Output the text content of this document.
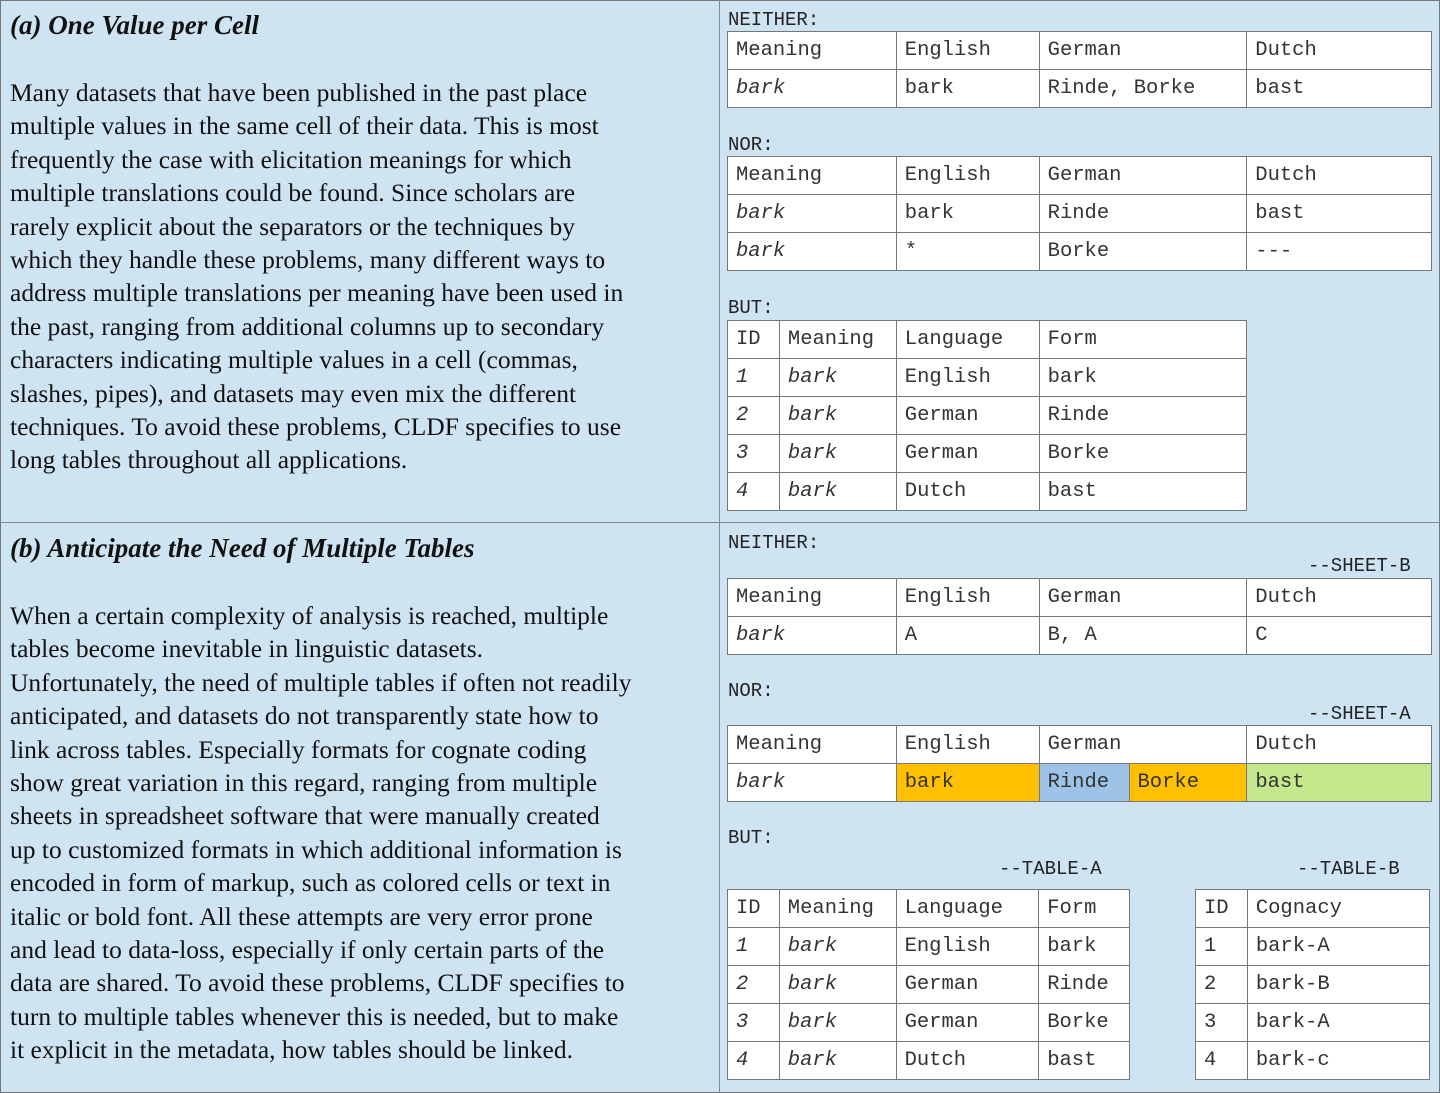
(a) One Value per Cell
Many datasets that have been published in the past place
multiple values in the same cell of their data. This is most
frequently the case with elicitation meanings for which
multiple translations could be found. Since scholars are
rarely explicit about the separators or the techniques by
which they handle these problems, many different ways to
address multiple translations per meaning have been used in
the past, ranging from additional columns up to secondary
characters indicating multiple values in a cell (commas,
slashes, pipes), and datasets may even mix the different
techniques. To avoid these problems, CLDF specifies to use
long tables throughout all applications.
NEITHER:
Meaning	English	German	Dutch
bark	bark	Rinde, Borke	bast
NOR:
Meaning	English	German	Dutch
bark	bark	Rinde	bast
bark	*	Borke	---
BUT:
ID	Meaning	Language	Form
1	bark	English	bark
2	bark	German	Rinde
3	bark	German	Borke
4	bark	Dutch	bast
(b) Anticipate the Need of Multiple Tables
When a certain complexity of analysis is reached, multiple
tables become inevitable in linguistic datasets.
Unfortunately, the need of multiple tables if often not readily
anticipated, and datasets do not transparently state how to
link across tables. Especially formats for cognate coding
show great variation in this regard, ranging from multiple
sheets in spreadsheet software that were manually created
up to customized formats in which additional information is
encoded in form of markup, such as colored cells or text in
italic or bold font. All these attempts are very error prone
and lead to data-loss, especially if only certain parts of the
data are shared. To avoid these problems, CLDF specifies to
turn to multiple tables whenever this is needed, but to make
it explicit in the metadata, how tables should be linked.
NEITHER:
--SHEET-B
Meaning	English	German	Dutch
bark	A	B, A	C
NOR:
--SHEET-A
Meaning	English	German		Dutch
bark	bark	Rinde	Borke	bast
BUT:
--TABLE-A	--TABLE-B
ID	Meaning	Language	Form
1	bark	English	bark
2	bark	German	Rinde
3	bark	German	Borke
4	bark	Dutch	bast
ID	Cognacy
1	bark-A
2	bark-B
3	bark-A
4	bark-c
